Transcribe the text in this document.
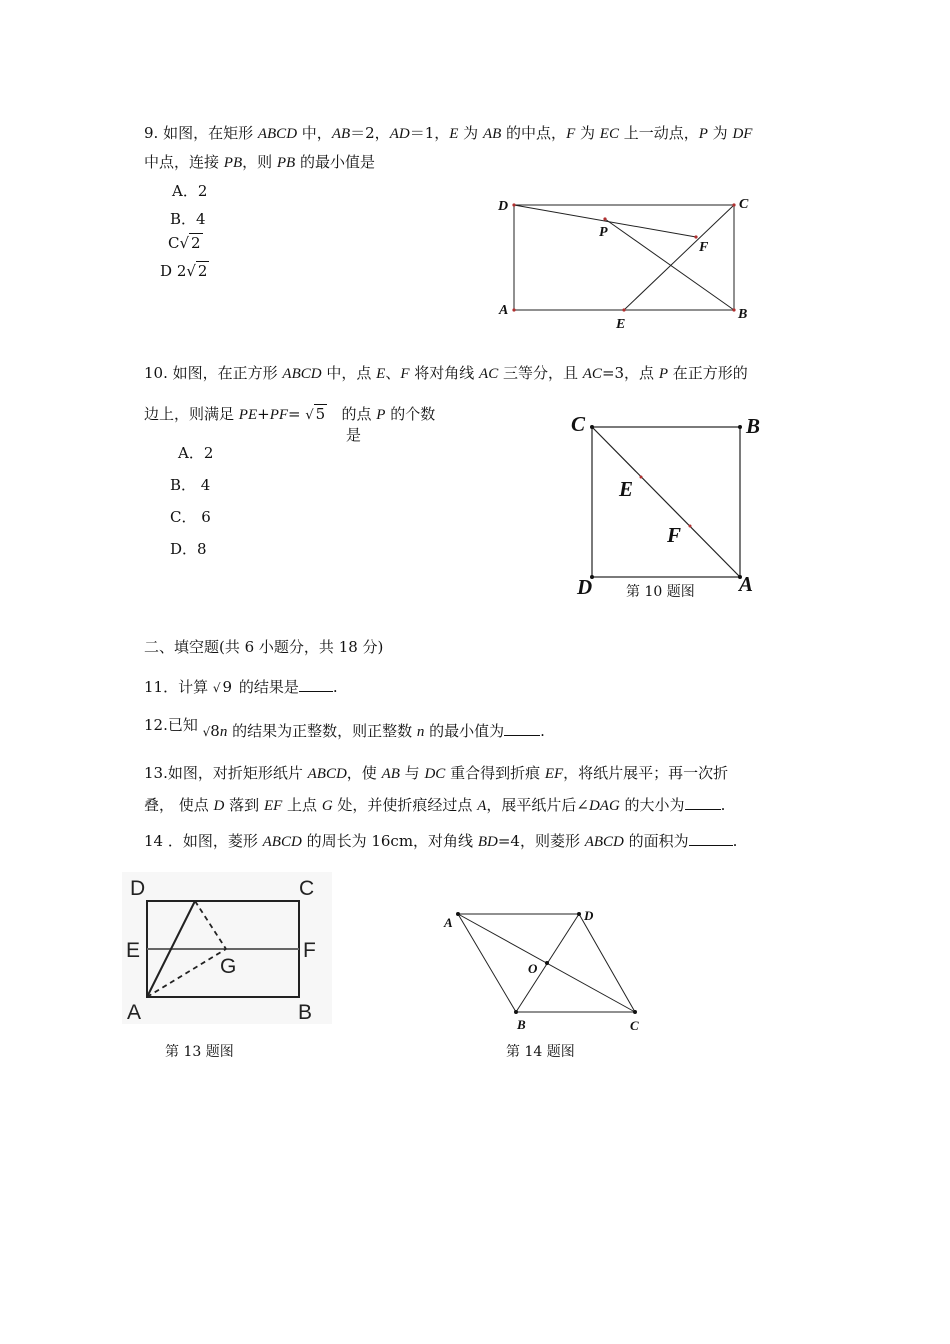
9. 如图，在矩形 ABCD 中，AB＝2，AD＝1，E 为 AB 的中点，F 为 EC 上一动点，P 为 DF
中点，连接 PB，则 PB 的最小值是
A．2
B．4
C√ 2
D 2√ 2
D	C
P
F
A
E
B
10. 如图，在正方形 ABCD 中，点 E、F 将对角线 AC 三等分，且 AC=3，点 P 在正方形的
边上，则满足 PE+PF= √ 5   的点 P 的个数
是
A．2
B． 4
C． 6
D．8
C	B
E
F
D	A
第 10 题图
二、填空题(共 6 小题分，共 18 分)
11．计算 √ 9 的结果是 .
12.已知 √8n 的结果为正整数，则正整数 n 的最小值为 .
13.如图，对折矩形纸片 ABCD，使 AB 与 DC 重合得到折痕 EF，将纸片展平；再一次折
叠， 使点 D 落到 EF 上点 G 处，并使折痕经过点 A，展平纸片后∠DAG 的大小为 .
14 ．如图，菱形 ABCD 的周长为 16cm，对角线 BD=4，则菱形 ABCD 的面积为	.
D	C
E	F
G
A	B
第 13 题图
A	D
O
B	C
第 14 题图
